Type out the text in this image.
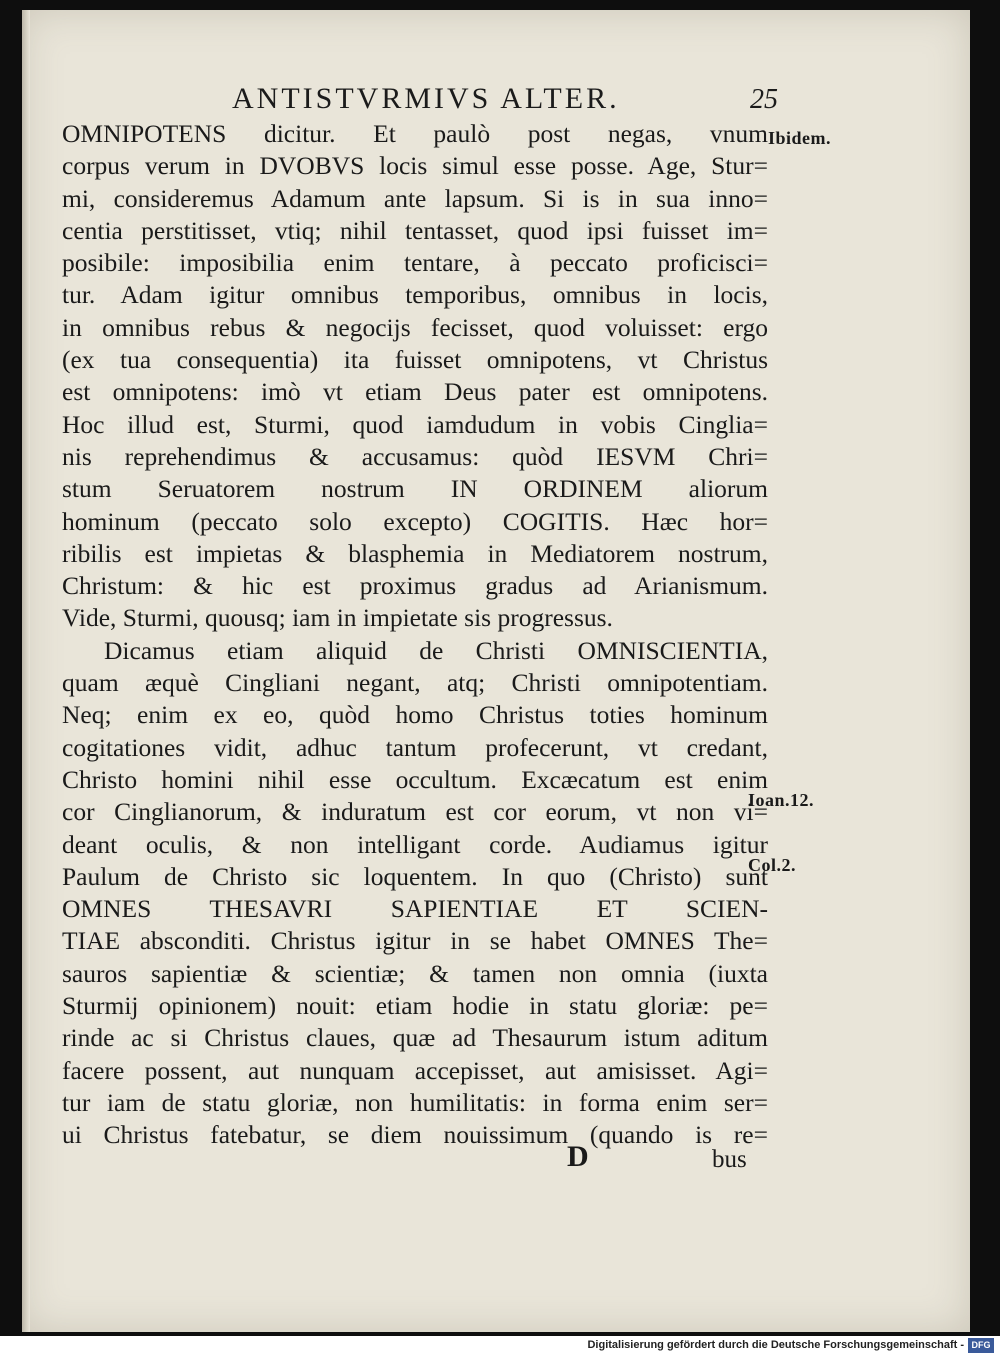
ANTISTVRMIVS ALTER.	25
OMNIPOTENS dicitur. Et paulò post negas, vnum
corpus verum in DVOBVS locis simul esse posse. Age, Stur=
mi, consideremus Adamum ante lapsum. Si is in sua inno=
centia perstitisset, vtiq; nihil tentasset, quod ipsi fuisset im=
posibile: imposibilia enim tentare, à peccato proficisci=
tur. Adam igitur omnibus temporibus, omnibus in locis,
in omnibus rebus & negocijs fecisset, quod voluisset: ergo
(ex tua consequentia) ita fuisset omnipotens, vt Christus
est omnipotens: imò vt etiam Deus pater est omnipotens.
Hoc illud est, Sturmi, quod iamdudum in vobis Cinglia=
nis reprehendimus & accusamus: quòd IESVM Chri=
stum Seruatorem nostrum IN ORDINEM aliorum
hominum (peccato solo excepto) COGITIS. Hæc hor=
ribilis est impietas & blasphemia in Mediatorem nostrum,
Christum: & hic est proximus gradus ad Arianismum.
Vide, Sturmi, quousq; iam in impietate sis progressus.
Dicamus etiam aliquid de Christi OMNISCIENTIA,
quam æquè Cingliani negant, atq; Christi omnipotentiam.
Neq; enim ex eo, quòd homo Christus toties hominum
cogitationes vidit, adhuc tantum profecerunt, vt credant,
Christo homini nihil esse occultum. Excæcatum est enim
cor Cinglianorum, & induratum est cor eorum, vt non vi=
deant oculis, & non intelligant corde. Audiamus igitur
Paulum de Christo sic loquentem. In quo (Christo) sunt
OMNES THESAVRI SAPIENTIAE ET SCIEN-
TIAE absconditi. Christus igitur in se habet OMNES The=
sauros sapientiæ & scientiæ; & tamen non omnia (iuxta
Sturmij opinionem) nouit: etiam hodie in statu gloriæ: pe=
rinde ac si Christus claues, quæ ad Thesaurum istum aditum
facere possent, aut nunquam accepisset, aut amisisset. Agi=
tur iam de statu gloriæ, non humilitatis: in forma enim ser=
ui Christus fatebatur, se diem nouissimum (quando is re=
Ibidem.
Ioan.12.
Col.2.
D	bus
Digitalisierung gefördert durch die Deutsche Forschungsgemeinschaft - DFG
